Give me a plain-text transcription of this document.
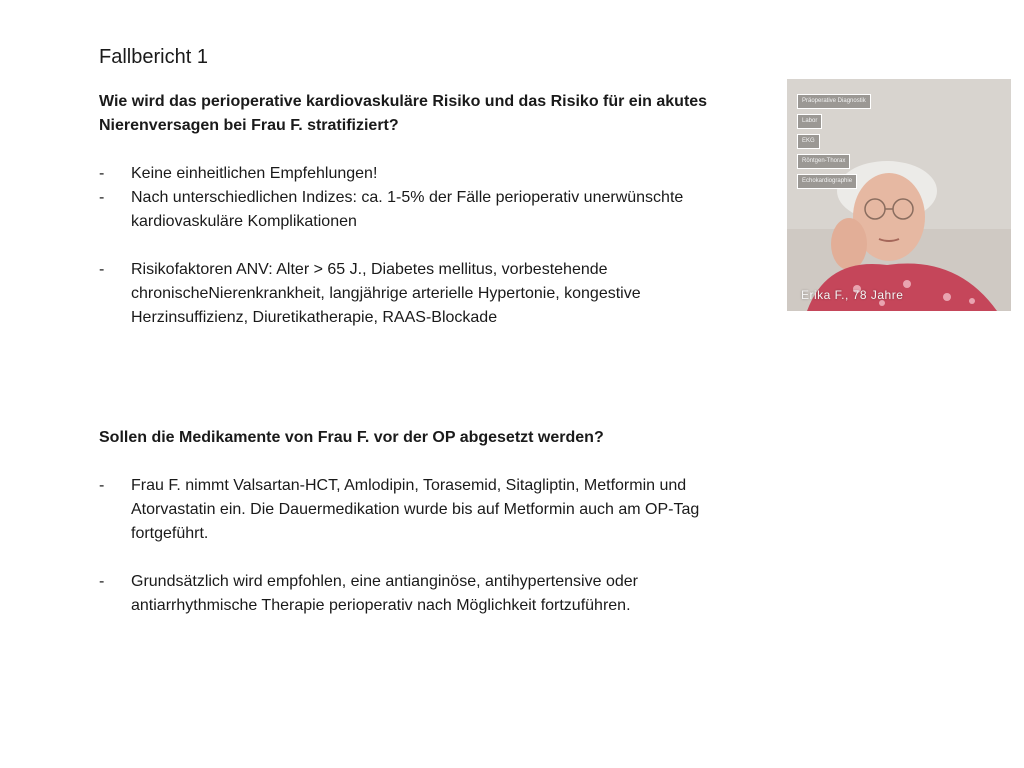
Fallbericht 1

Wie wird das perioperative kardiovaskuläre Risiko und das Risiko für ein akutes Nierenversagen bei Frau F. stratifiziert?

- Keine einheitlichen Empfehlungen!
- Nach unterschiedlichen Indizes: ca. 1-5% der Fälle perioperativ unerwünschte kardiovaskuläre Komplikationen
- Risikofaktoren ANV: Alter > 65 J., Diabetes mellitus, vorbestehende chronischeNierenkrankheit, langjährige arterielle Hypertonie, kongestive Herzinsuffizienz, Diuretikatherapie, RAAS-Blockade

Sollen die Medikamente von Frau F. vor der OP abgesetzt werden?

- Frau F. nimmt Valsartan-HCT, Amlodipin, Torasemid, Sitagliptin, Metformin und Atorvastatin ein. Die Dauermedikation wurde bis auf Metformin auch am OP-Tag fortgeführt.
- Grundsätzlich wird empfohlen, eine antianginöse, antihypertensive oder antiarrhythmische Therapie perioperativ nach Möglichkeit fortzuführen.
Präoperative Diagnostik
Labor
EKG
Röntgen-Thorax
Echokardiographie
Erika F., 78 Jahre
